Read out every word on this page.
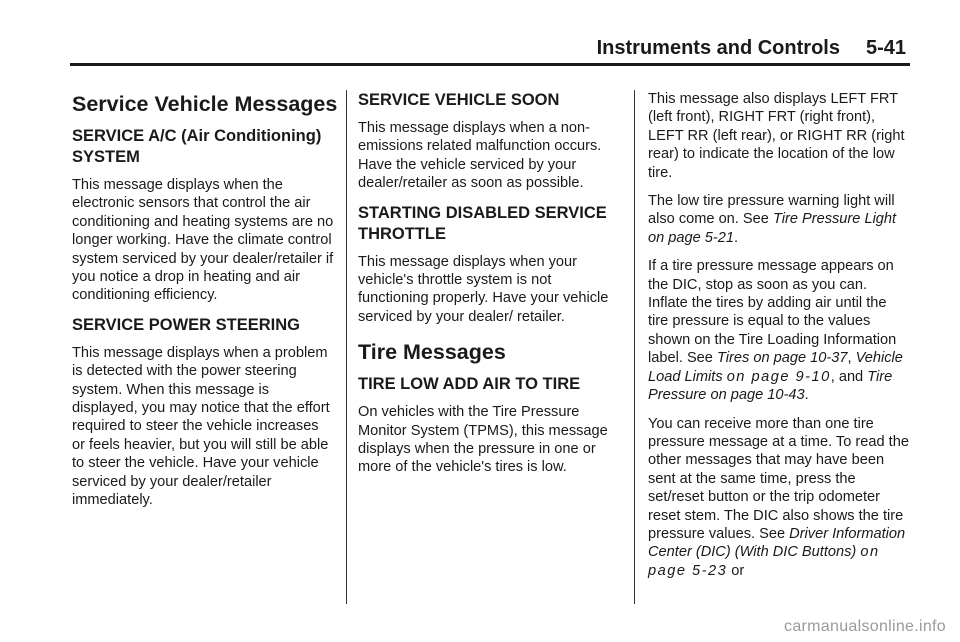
Instruments and Controls 5-41
Service Vehicle Messages
SERVICE A/C (Air Conditioning) SYSTEM

This message displays when the electronic sensors that control the air conditioning and heating systems are no longer working. Have the climate control system serviced by your dealer/retailer if you notice a drop in heating and air conditioning efficiency.

SERVICE POWER STEERING

This message displays when a problem is detected with the power steering system. When this message is displayed, you may notice that the effort required to steer the vehicle increases or feels heavier, but you will still be able to steer the vehicle. Have your vehicle serviced by your dealer/retailer immediately.

SERVICE VEHICLE SOON

This message displays when a non-emissions related malfunction occurs. Have the vehicle serviced by your dealer/retailer as soon as possible.

STARTING DISABLED SERVICE THROTTLE

This message displays when your vehicle's throttle system is not functioning properly. Have your vehicle serviced by your dealer/ retailer.

Tire Messages
TIRE LOW ADD AIR TO TIRE

On vehicles with the Tire Pressure Monitor System (TPMS), this message displays when the pressure in one or more of the vehicle's tires is low.

This message also displays LEFT FRT (left front), RIGHT FRT (right front), LEFT RR (left rear), or RIGHT RR (right rear) to indicate the location of the low tire.

The low tire pressure warning light will also come on. See Tire Pressure Light on page 5-21.

If a tire pressure message appears on the DIC, stop as soon as you can. Inflate the tires by adding air until the tire pressure is equal to the values shown on the Tire Loading Information label. See Tires on page 10-37, Vehicle Load Limits on page 9-10, and Tire Pressure on page 10-43.

You can receive more than one tire pressure message at a time. To read the other messages that may have been sent at the same time, press the set/reset button or the trip odometer reset stem. The DIC also shows the tire pressure values. See Driver Information Center (DIC) (With DIC Buttons) on page 5-23 or

carmanualsonline.info
